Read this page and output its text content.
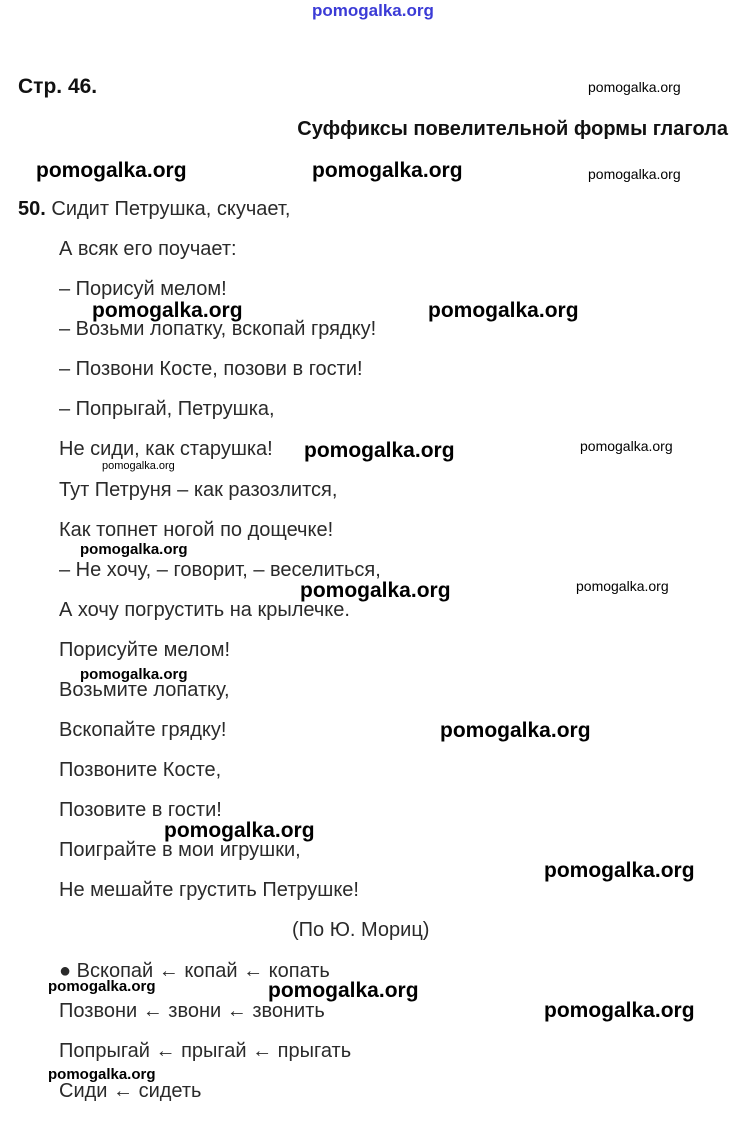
pomogalka.org
Стр. 46.
Суффиксы повелительной формы глагола
pomogalka.org
pomogalka.org	pomogalka.org	pomogalka.org
pomogalka.org	pomogalka.org
pomogalka.org	pomogalka.org
pomogalka.org
pomogalka.org
pomogalka.org	pomogalka.org
pomogalka.org
pomogalka.org
pomogalka.org
pomogalka.org
pomogalka.org	pomogalka.org
pomogalka.org
pomogalka.org
50. Сидит Петрушка, скучает,
А всяк его поучает:
– Порисуй мелом!
– Возьми лопатку, вскопай грядку!
– Позвони Косте, позови в гости!
– Попрыгай, Петрушка,
Не сиди, как старушка!
Тут Петруня – как разозлится,
Как топнет ногой по дощечке!
– Не хочу, – говорит, – веселиться,
А хочу погрустить на крылечке.
Порисуйте мелом!
Возьмите лопатку,
Вскопайте грядку!
Позвоните Косте,
Позовите в гости!
Поиграйте в мои игрушки,
Не мешайте грустить Петрушке!
(По Ю. Мориц)
● Вскопай ← копай ← копать
Позвони ← звони ← звонить
Попрыгай ← прыгай ← прыгать
Сиди ← сидеть
